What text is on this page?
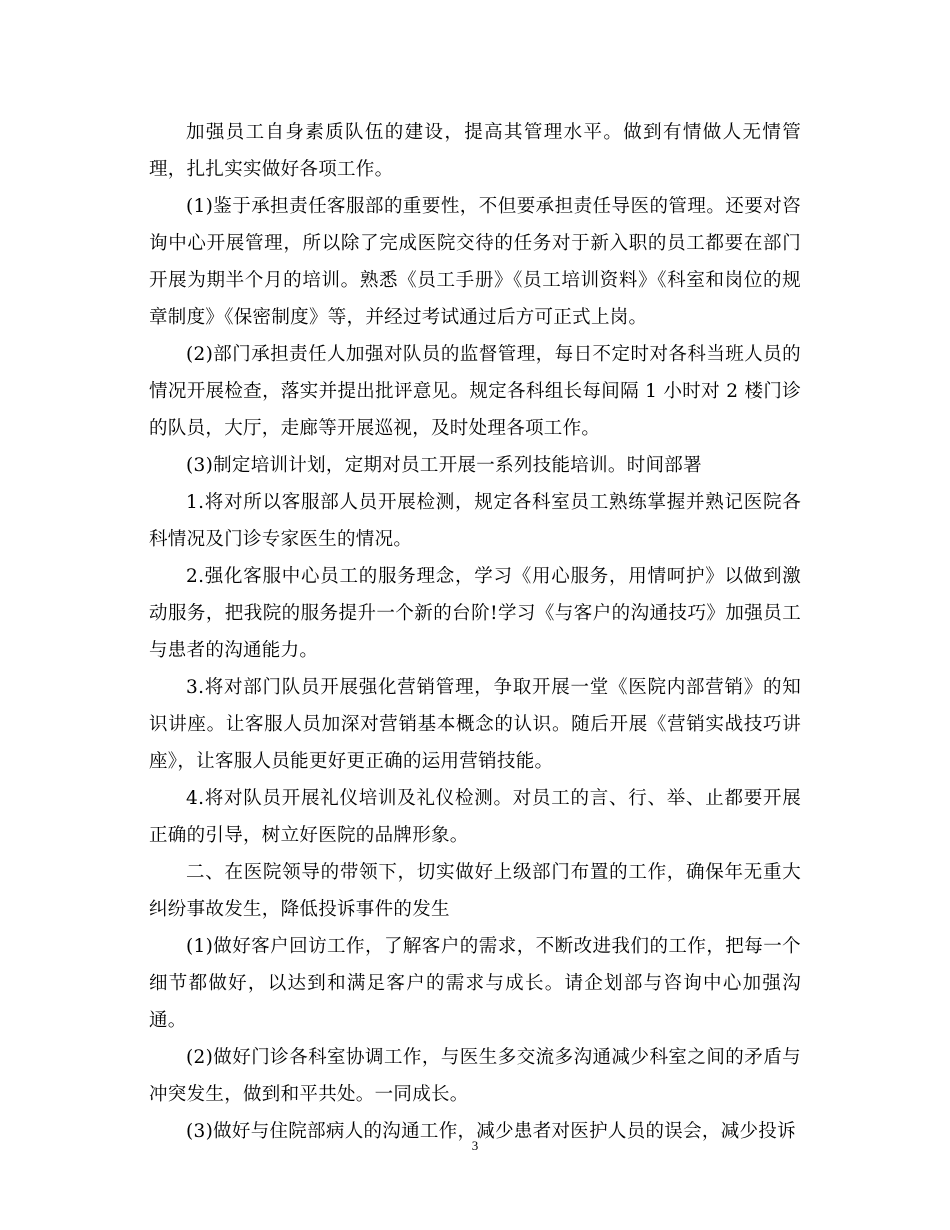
加强员工自身素质队伍的建设，提高其管理水平。做到有情做人无情管理，扎扎实实做好各项工作。

(1)鉴于承担责任客服部的重要性，不但要承担责任导医的管理。还要对咨询中心开展管理，所以除了完成医院交待的任务对于新入职的员工都要在部门开展为期半个月的培训。熟悉《员工手册》《员工培训资料》《科室和岗位的规章制度》《保密制度》等，并经过考试通过后方可正式上岗。

(2)部门承担责任人加强对队员的监督管理，每日不定时对各科当班人员的情况开展检查，落实并提出批评意见。规定各科组长每间隔 1 小时对 2 楼门诊的队员，大厅，走廊等开展巡视，及时处理各项工作。

(3)制定培训计划，定期对员工开展一系列技能培训。时间部署

1.将对所以客服部人员开展检测，规定各科室员工熟练掌握并熟记医院各科情况及门诊专家医生的情况。

2.强化客服中心员工的服务理念，学习《用心服务，用情呵护》以做到激动服务，把我院的服务提升一个新的台阶!学习《与客户的沟通技巧》加强员工与患者的沟通能力。

3.将对部门队员开展强化营销管理，争取开展一堂《医院内部营销》的知识讲座。让客服人员加深对营销基本概念的认识。随后开展《营销实战技巧讲座》，让客服人员能更好更正确的运用营销技能。

4.将对队员开展礼仪培训及礼仪检测。对员工的言、行、举、止都要开展正确的引导，树立好医院的品牌形象。

二、在医院领导的带领下，切实做好上级部门布置的工作，确保年无重大纠纷事故发生，降低投诉事件的发生

(1)做好客户回访工作，了解客户的需求，不断改进我们的工作，把每一个细节都做好，以达到和满足客户的需求与成长。请企划部与咨询中心加强沟通。

(2)做好门诊各科室协调工作，与医生多交流多沟通减少科室之间的矛盾与冲突发生，做到和平共处。一同成长。

(3)做好与住院部病人的沟通工作，减少患者对医护人员的误会，减少投诉

3
